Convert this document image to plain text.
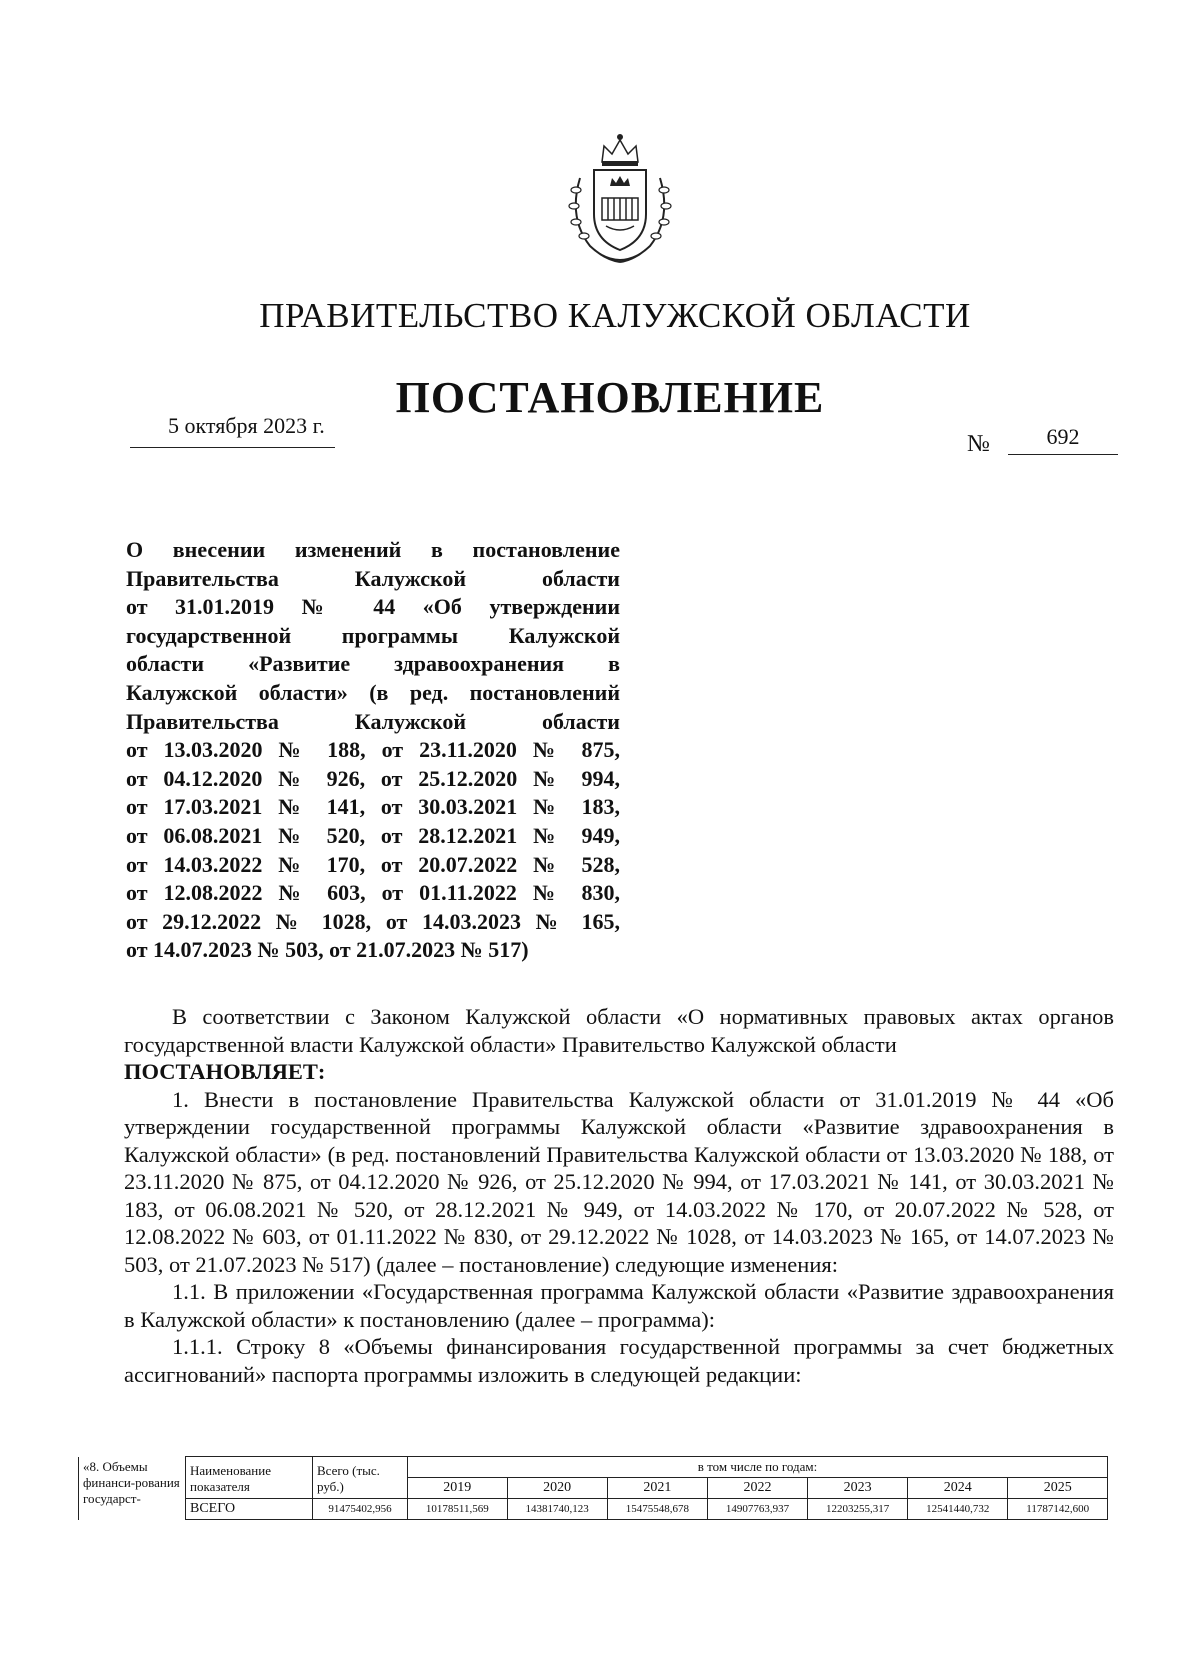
ПРАВИТЕЛЬСТВО КАЛУЖСКОЙ ОБЛАСТИ
ПОСТАНОВЛЕНИЕ
5 октября 2023 г.
№	692
О внесении изменений в постановление
Правительства Калужской области
от 31.01.2019 № 44 «Об утверждении
государственной программы Калужской
области «Развитие здравоохранения в
Калужской области» (в ред. постановлений
Правительства Калужской области
от 13.03.2020 № 188, от 23.11.2020 № 875,
от 04.12.2020 № 926, от 25.12.2020 № 994,
от 17.03.2021 № 141, от 30.03.2021 № 183,
от 06.08.2021 № 520, от 28.12.2021 № 949,
от 14.03.2022 № 170, от 20.07.2022 № 528,
от 12.08.2022 № 603, от 01.11.2022 № 830,
от 29.12.2022 № 1028, от 14.03.2023 № 165,
от 14.07.2023 № 503, от 21.07.2023 № 517)

В соответствии с Законом Калужской области «О нормативных правовых актах органов государственной власти Калужской области» Правительство Калужской области

ПОСТАНОВЛЯЕТ:

1. Внести в постановление Правительства Калужской области от 31.01.2019 № 44 «Об утверждении государственной программы Калужской области «Развитие здравоохранения в Калужской области» (в ред. постановлений Правительства Калужской области от 13.03.2020 № 188, от 23.11.2020 № 875, от 04.12.2020 № 926, от 25.12.2020 № 994, от 17.03.2021 № 141, от 30.03.2021 № 183, от 06.08.2021 № 520, от 28.12.2021 № 949, от 14.03.2022 № 170, от 20.07.2022 № 528, от 12.08.2022 № 603, от 01.11.2022 № 830, от 29.12.2022 № 1028, от 14.03.2023 № 165, от 14.07.2023 № 503, от 21.07.2023 № 517) (далее – постановление) следующие изменения:

1.1. В приложении «Государственная программа Калужской области «Развитие здравоохранения в Калужской области» к постановлению (далее – программа):

1.1.1. Строку 8 «Объемы финансирования государственной программы за счет бюджетных ассигнований» паспорта программы изложить в следующей редакции:

«8. Объемы финанси-рования государст-	Наименование показателя	Всего (тыс. руб.)	в том числе по годам:						
			2019	2020	2021	2022	2023	2024	2025
	ВСЕГО	91475402,956	10178511,569	14381740,123	15475548,678	14907763,937	12203255,317	12541440,732	11787142,600
